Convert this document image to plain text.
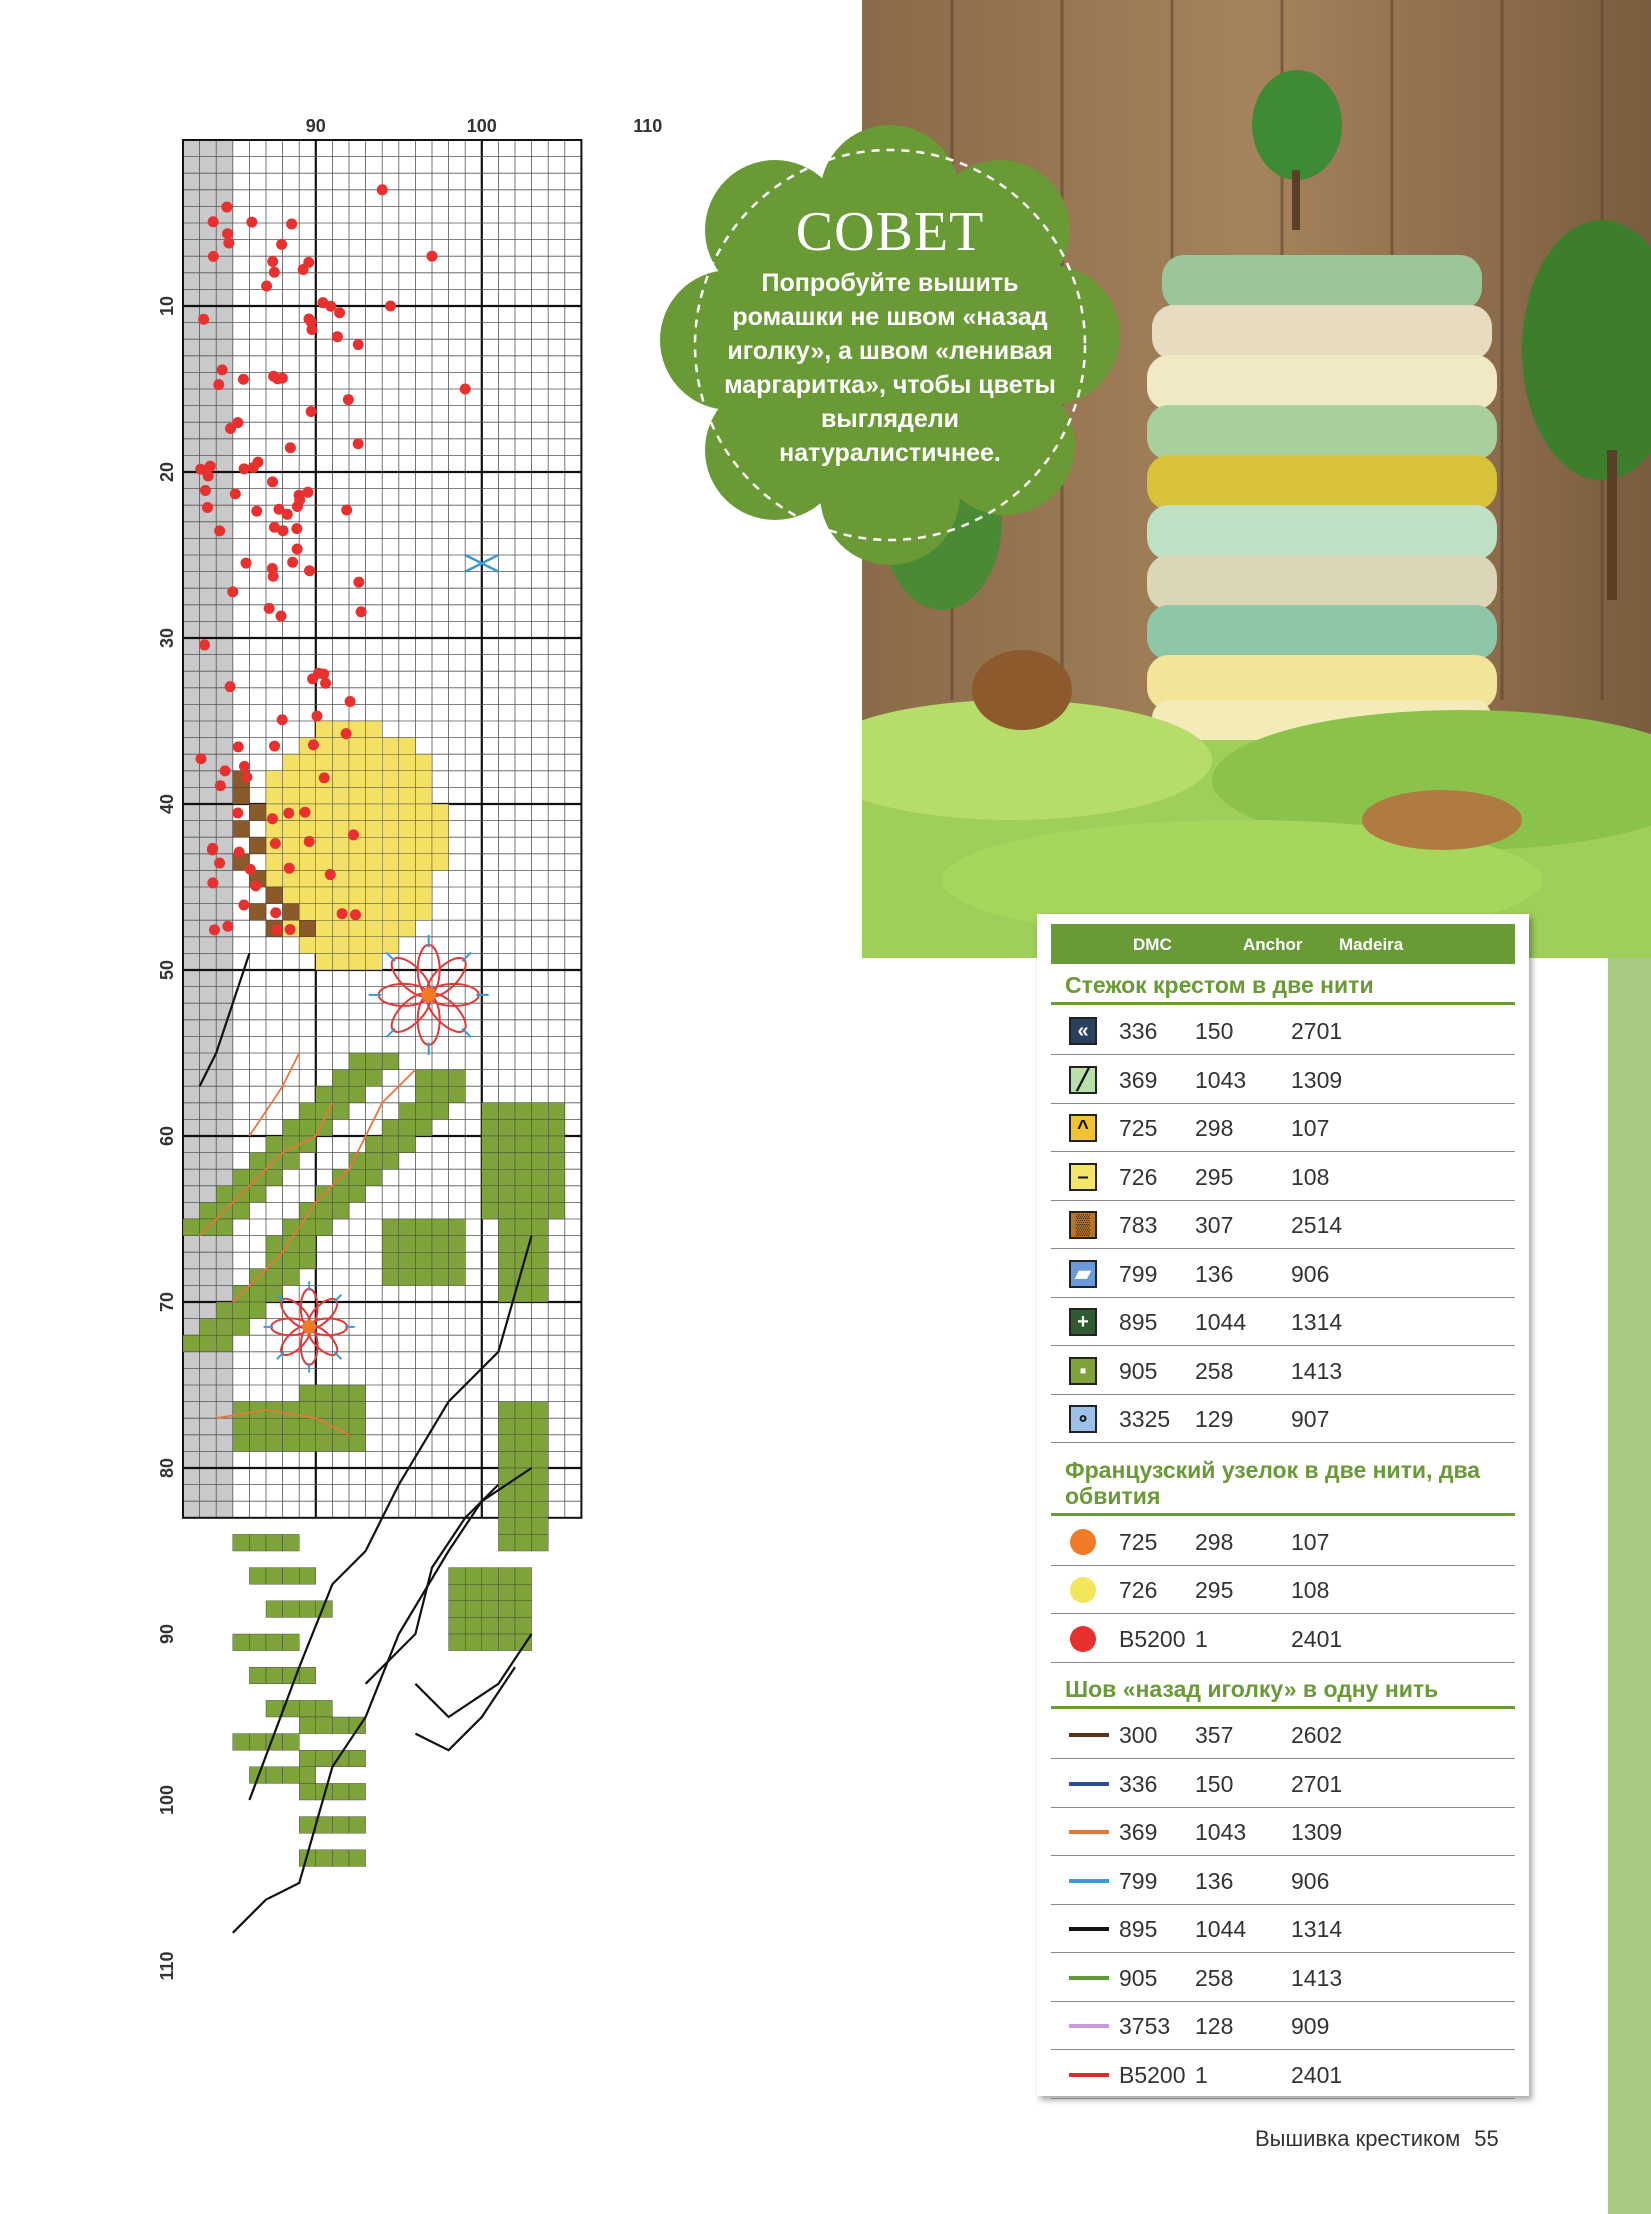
90	100	110
10
20
30
40
50
60
70
80
90
100
110
СОВЕТ
Попробуйте вышить ромашки не швом «назад иголку», а швом «ленивая маргаритка», чтобы цветы выглядели натуралистичнее.
DMC	Anchor Madeira
Стежок крестом в две нити
«	336 150	2701
╱	369 1043 1309
^	725 298	107
–	726 295	108
▒	783 307	2514
▰ 799 136	906
+	895 1044 1314
▪	905 258	1413
∘	3325 129	907
Французский узелок в две нити, два обвития
725 298	107
726 295	108
B5200 1	2401
Шов «назад иголку» в одну нить
300 357	2602
336 150	2701
369 1043 1309
799 136	906
895 1044 1314
905 258	1413
3753 128	909
B5200 1	2401
Вышивка крестиком 55
